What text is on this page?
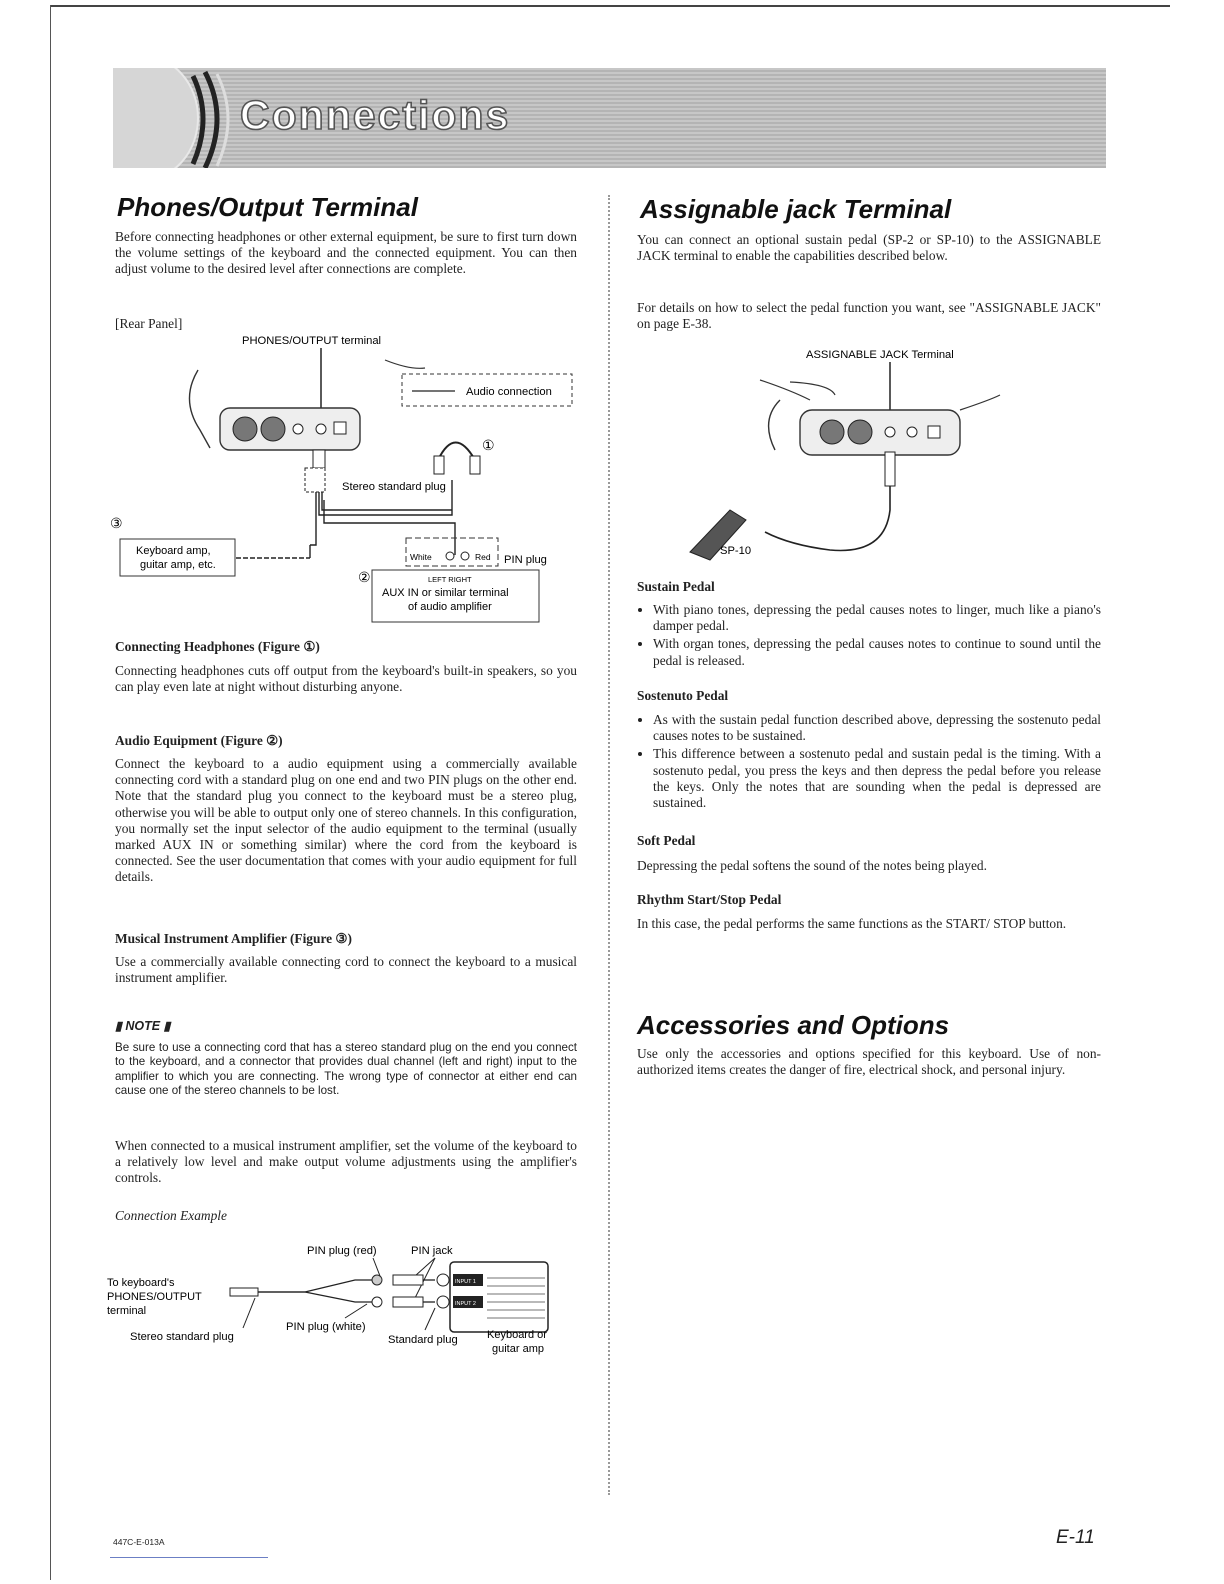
Connections
Phones/Output Terminal
Before connecting headphones or other external equipment, be sure to first turn down the volume settings of the keyboard and the connected equipment. You can then adjust volume to the desired level after connections are complete.
[Rear Panel]
PHONES/OUTPUT terminal
Audio connection
①
Stereo standard plug
③
Keyboard amp,
guitar amp, etc.
White	Red PIN plug
②	LEFT RIGHT
AUX IN or similar terminal
of audio amplifier
Connecting Headphones (Figure ①)
Connecting headphones cuts off output from the keyboard's built-in speakers, so you can play even late at night without disturbing anyone.
Audio Equipment (Figure ②)
Connect the keyboard to a audio equipment using a commercially available connecting cord with a standard plug on one end and two PIN plugs on the other end. Note that the standard plug you connect to the keyboard must be a stereo plug, otherwise you will be able to output only one of stereo channels. In this configuration, you normally set the input selector of the audio equipment to the terminal (usually marked AUX IN or something similar) where the cord from the keyboard is connected. See the user documentation that comes with your audio equipment for full details.
Musical Instrument Amplifier (Figure ③)
Use a commercially available connecting cord to connect the keyboard to a musical instrument amplifier.
▮ NOTE ▮
Be sure to use a connecting cord that has a stereo standard plug on the end you connect to the keyboard, and a connector that provides dual channel (left and right) input to the amplifier to which you are connecting. The wrong type of connector at either end can cause one of the stereo channels to be lost.
When connected to a musical instrument amplifier, set the volume of the keyboard to a relatively low level and make output volume adjustments using the amplifier's controls.
Connection Example
PIN plug (red)	PIN jack
To keyboard's
PHONES/OUTPUT
terminal
INPUT 1
INPUT 2
PIN plug (white)
Stereo standard plug	Standard plug	Keyboard or
guitar amp
Assignable jack Terminal
You can connect an optional sustain pedal (SP-2 or SP-10) to the ASSIGNABLE JACK terminal to enable the capabilities described below.
For details on how to select the pedal function you want, see "ASSIGNABLE JACK" on page E-38.
ASSIGNABLE JACK Terminal
SP-10
Sustain Pedal
• With piano tones, depressing the pedal causes notes to linger, much like a piano's damper pedal.
• With organ tones, depressing the pedal causes notes to continue to sound until the pedal is released.
Sostenuto Pedal
• As with the sustain pedal function described above, depressing the sostenuto pedal causes notes to be sustained.
• This difference between a sostenuto pedal and sustain pedal is the timing. With a sostenuto pedal, you press the keys and then depress the pedal before you release the keys. Only the notes that are sounding when the pedal is depressed are sustained.
Soft Pedal
Depressing the pedal softens the sound of the notes being played.
Rhythm Start/Stop Pedal
In this case, the pedal performs the same functions as the START/ STOP button.
Accessories and Options
Use only the accessories and options specified for this keyboard. Use of non-authorized items creates the danger of fire, electrical shock, and personal injury.
447C-E-013A	E-11
